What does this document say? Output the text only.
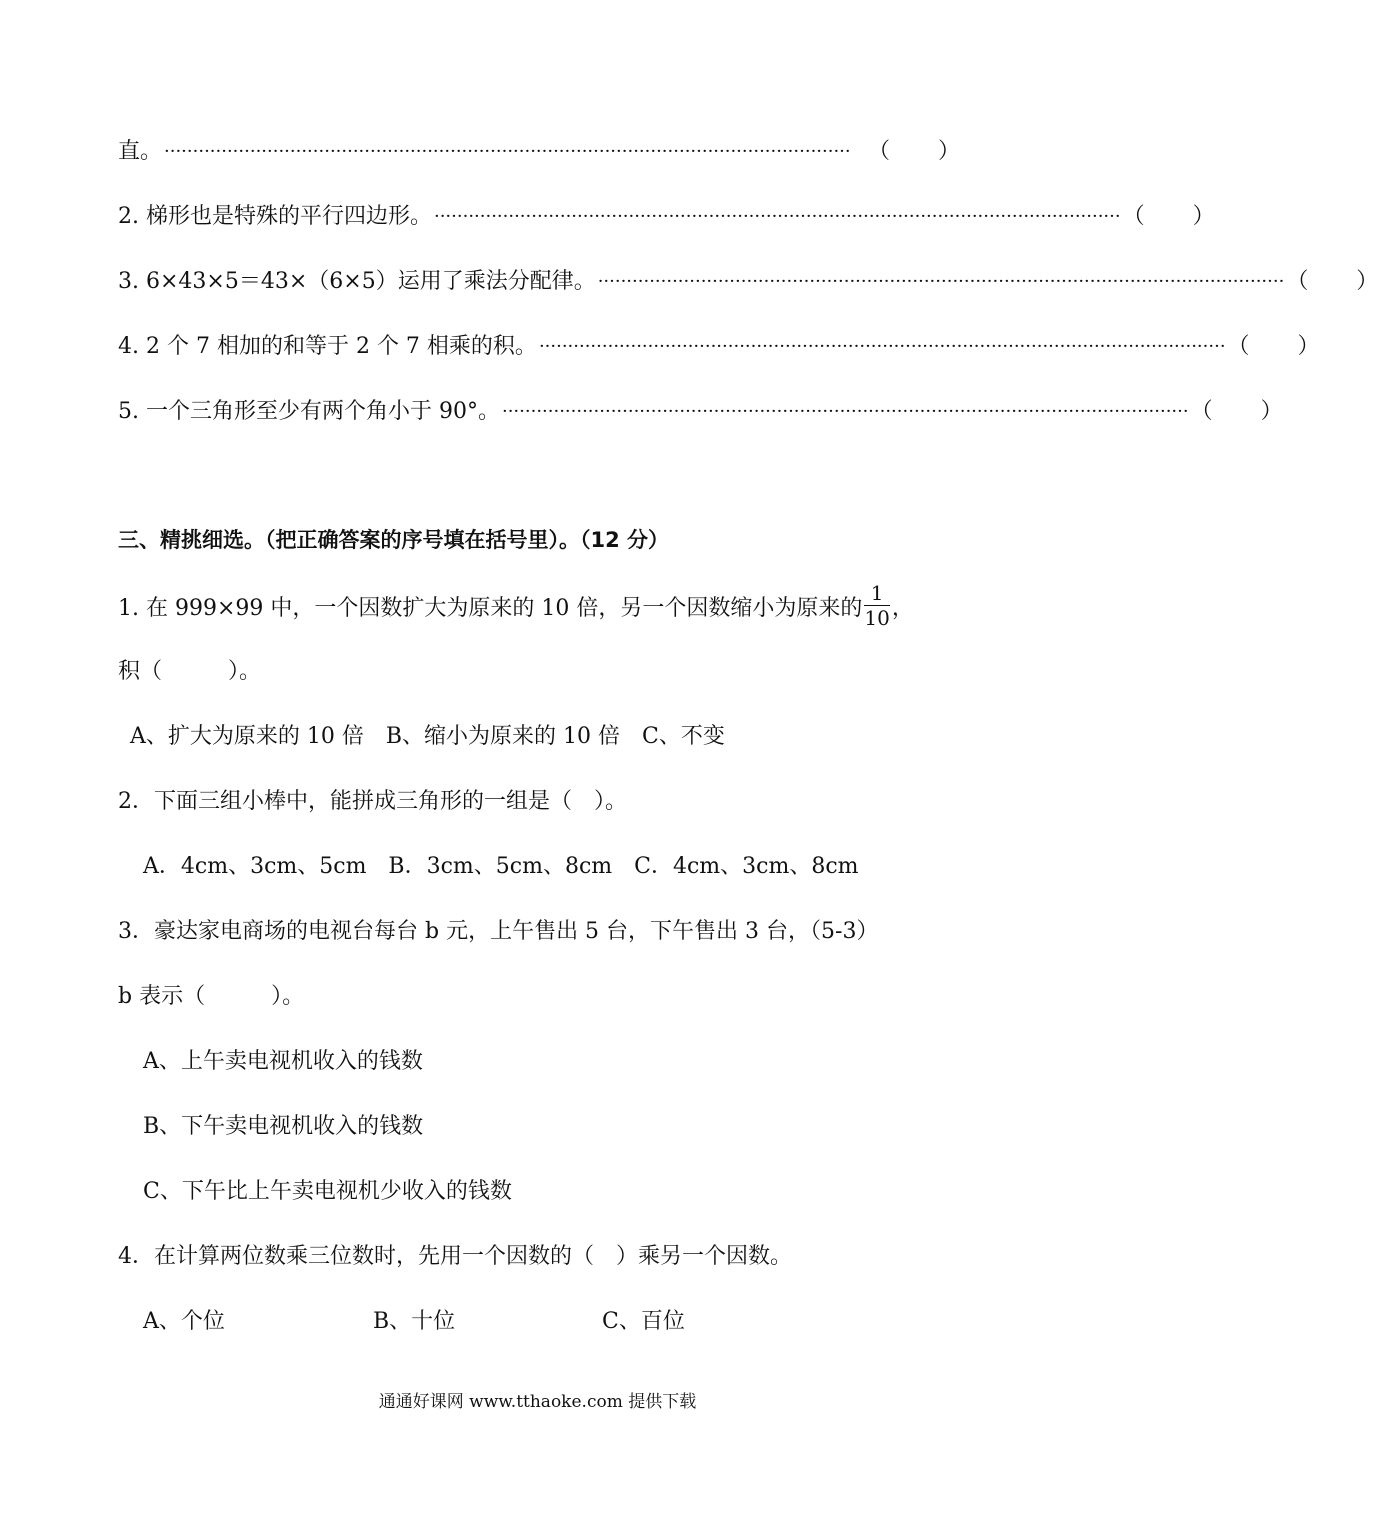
直。 ························································································································ （ ）
2. 梯形也是特殊的平行四边形。 ························································································································ （ ）
3. 6×43×5＝43×（6×5）运用了乘法分配律。 ························································································································ （ ）
4. 2 个 7 相加的和等于 2 个 7 相乘的积。 ························································································································ （ ）
5. 一个三角形至少有两个角小于 90°。 ························································································································ （ ）
三、精挑细选。（把正确答案的序号填在括号里）。（12 分）
1. 在 999×99 中，一个因数扩大为原来的 10 倍，另一个因数缩小为原来的 $\frac{1}{10}$ ，
积（　　　）。
A、扩大为原来的 10 倍　B、缩小为原来的 10 倍　C、不变
2．下面三组小棒中，能拼成三角形的一组是（　）。
A．4cm、3cm、5cm　B．3cm、5cm、8cm　C．4cm、3cm、8cm
3．豪达家电商场的电视台每台 b 元，上午售出 5 台，下午售出 3 台，（5-3）
b 表示（　　　）。
A、上午卖电视机收入的钱数
B、下午卖电视机收入的钱数
C、下午比上午卖电视机少收入的钱数
4．在计算两位数乘三位数时，先用一个因数的（　）乘另一个因数。
A、个位	B、十位	C、百位
通通好课网 www.tthaoke.com 提供下载
